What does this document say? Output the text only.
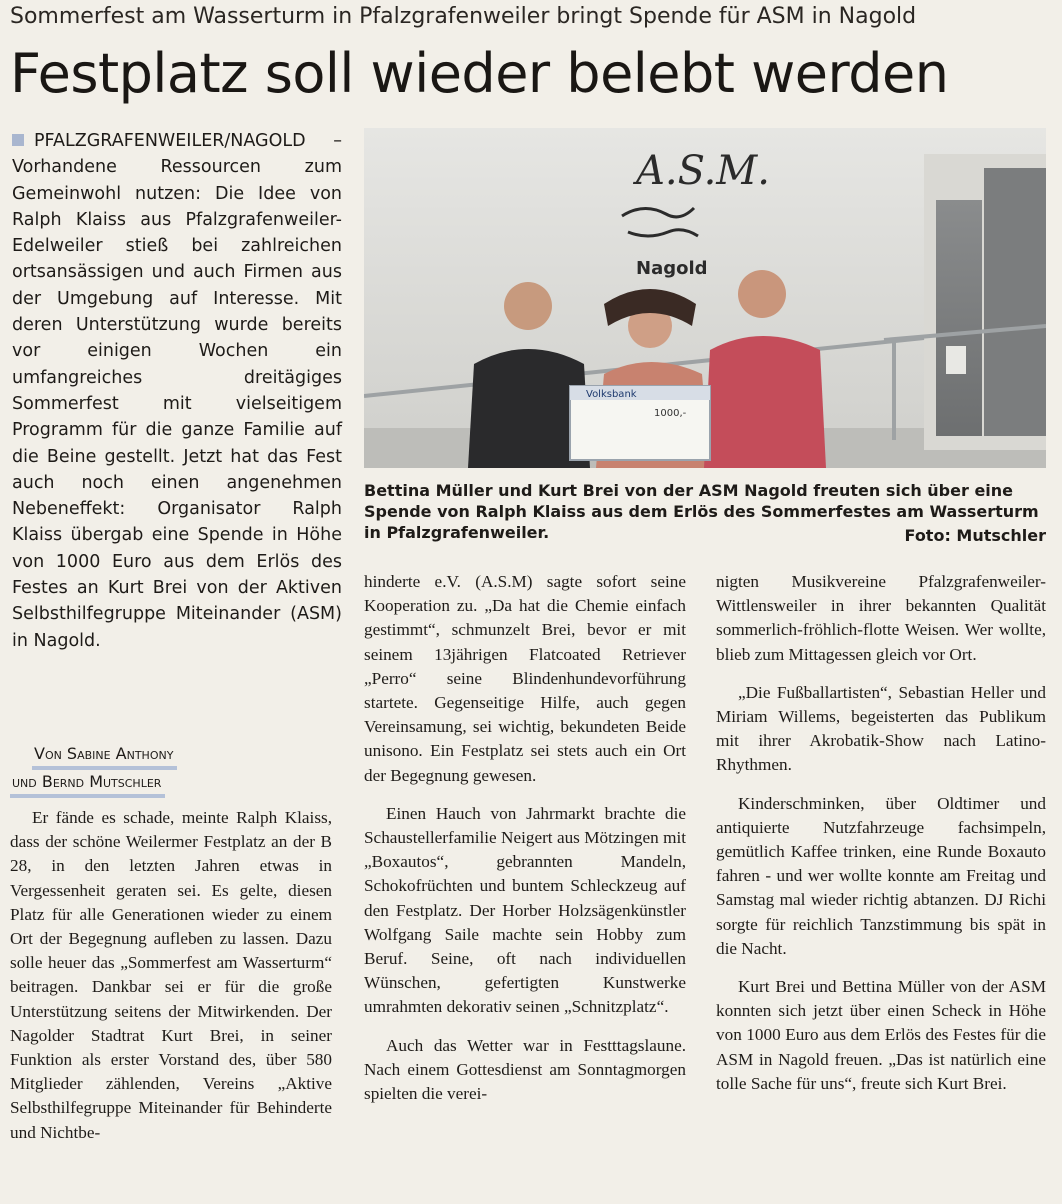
Sommerfest am Wasserturm in Pfalzgrafenweiler bringt Spende für ASM in Nagold
Festplatz soll wieder belebt werden
PFALZGRAFENWEILER/NAGOLD – Vorhandene Ressourcen zum Gemeinwohl nutzen: Die Idee von Ralph Klaiss aus Pfalzgrafenweiler-Edelweiler stieß bei zahlreichen ortsansässigen und auch Firmen aus der Umgebung auf Interesse. Mit deren Unterstützung wurde bereits vor einigen Wochen ein umfangreiches dreitägiges Sommerfest mit vielseitigem Programm für die ganze Familie auf die Beine gestellt. Jetzt hat das Fest auch noch einen angenehmen Nebeneffekt: Organisator Ralph Klaiss übergab eine Spende in Höhe von 1000 Euro aus dem Erlös des Festes an Kurt Brei von der Aktiven Selbsthilfegruppe Miteinander (ASM) in Nagold.
Von Sabine Anthony
und Bernd Mutschler
A.S.M.
Nagold
Volksbank
1000,-
Bettina Müller und Kurt Brei von der ASM Nagold freuten sich über eine Spende von Ralph Klaiss aus dem Erlös des Sommerfestes am Wasserturm in Pfalzgrafenweiler.	Foto: Mutschler

Er fände es schade, meinte Ralph Klaiss, dass der schöne Weilermer Festplatz an der B 28, in den letzten Jahren etwas in Vergessenheit geraten sei. Es gelte, diesen Platz für alle Generationen wieder zu einem Ort der Begegnung aufleben zu lassen. Dazu solle heuer das „Sommerfest am Wasserturm“ beitragen. Dankbar sei er für die große Unterstützung seitens der Mitwirkenden. Der Nagolder Stadtrat Kurt Brei, in seiner Funktion als erster Vorstand des, über 580 Mitglieder zählenden, Vereins „Aktive Selbsthilfegruppe Miteinander für Behinderte und Nichtbe-

hinderte e.V. (A.S.M) sagte sofort seine Kooperation zu. „Da hat die Chemie einfach gestimmt“, schmunzelt Brei, bevor er mit seinem 13jährigen Flatcoated Retriever „Perro“ seine Blindenhundevorführung startete. Gegenseitige Hilfe, auch gegen Vereinsamung, sei wichtig, bekundeten Beide unisono. Ein Festplatz sei stets auch ein Ort der Begegnung gewesen.

Einen Hauch von Jahrmarkt brachte die Schaustellerfamilie Neigert aus Mötzingen mit „Boxautos“, gebrannten Mandeln, Schokofrüchten und buntem Schleckzeug auf den Festplatz. Der Horber Holzsägenkünstler Wolfgang Saile machte sein Hobby zum Beruf. Seine, oft nach individuellen Wünschen, gefertigten Kunstwerke umrahmten dekorativ seinen „Schnitzplatz“.

Auch das Wetter war in Festttagslaune. Nach einem Gottesdienst am Sonntagmorgen spielten die verei-

nigten Musikvereine Pfalzgrafenweiler-Wittlensweiler in ihrer bekannten Qualität sommerlich-fröhlich-flotte Weisen. Wer wollte, blieb zum Mittagessen gleich vor Ort.

„Die Fußballartisten“, Sebastian Heller und Miriam Willems, begeisterten das Publikum mit ihrer Akrobatik-Show nach Latino-Rhythmen.

Kinderschminken, über Oldtimer und antiquierte Nutzfahrzeuge fachsimpeln, gemütlich Kaffee trinken, eine Runde Boxauto fahren - und wer wollte konnte am Freitag und Samstag mal wieder richtig abtanzen. DJ Richi sorgte für reichlich Tanzstimmung bis spät in die Nacht.

Kurt Brei und Bettina Müller von der ASM konnten sich jetzt über einen Scheck in Höhe von 1000 Euro aus dem Erlös des Festes für die ASM in Nagold freuen. „Das ist natürlich eine tolle Sache für uns“, freute sich Kurt Brei.
